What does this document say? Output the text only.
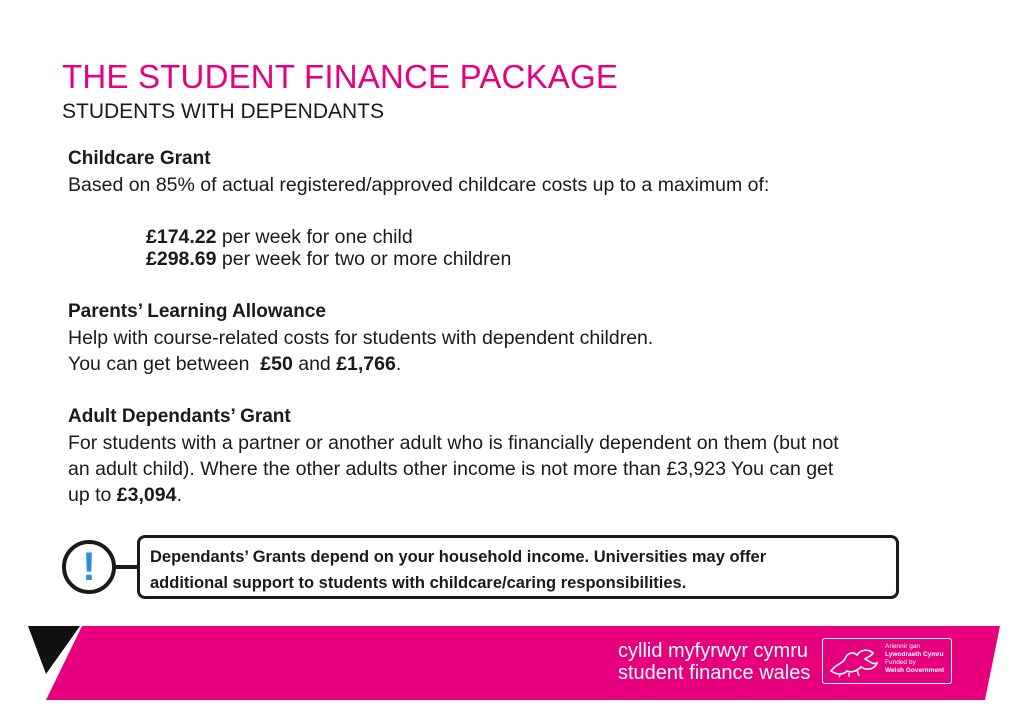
THE STUDENT FINANCE PACKAGE
STUDENTS WITH DEPENDANTS
Childcare Grant
Based on 85% of actual registered/approved childcare costs up to a maximum of:
£174.22 per week for one child
£298.69 per week for two or more children
Parents’ Learning Allowance
Help with course-related costs for students with dependent children.
You can get between  £50 and £1,766.
Adult Dependants’ Grant
For students with a partner or another adult who is financially dependent on them (but not
an adult child). Where the other adults other income is not more than £3,923 You can get
up to £3,094.
!	Dependants’ Grants depend on your household income. Universities may offer
additional support to students with childcare/caring responsibilities.
cyllid myfyrwyr cymru
student finance wales
Ariennir gan
Lywodraeth Cymru
Funded by
Welsh Government
